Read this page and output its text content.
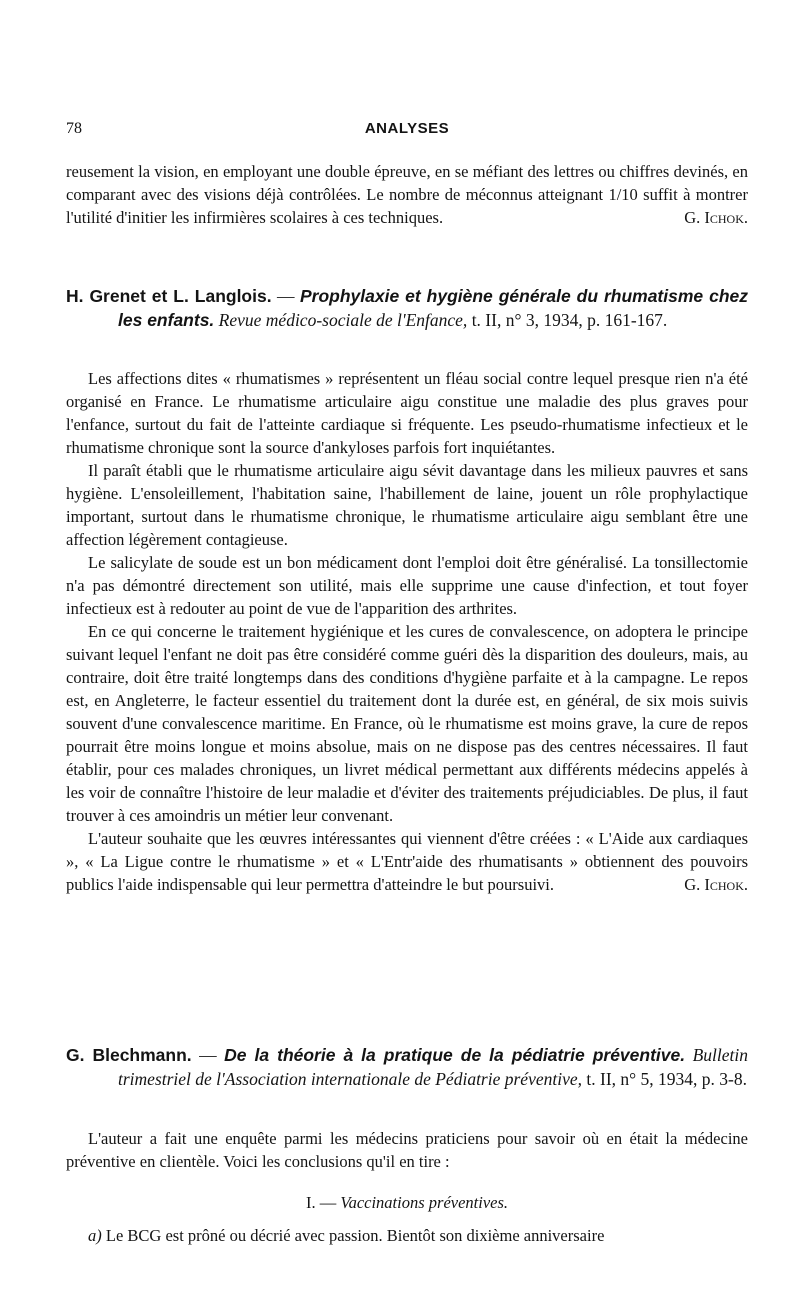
78	ANALYSES

reusement la vision, en employant une double épreuve, en se méfiant des lettres ou chiffres devinés, en comparant avec des visions déjà contrôlées. Le nombre de méconnus atteignant 1/10 suffit à montrer l'utilité d'initier les infirmières scolaires à ces techniques.	G. Ichok.

H. Grenet et L. Langlois. — Prophylaxie et hygiène générale du rhumatisme chez les enfants. Revue médico-sociale de l'Enfance, t. II, n° 3, 1934, p. 161-167.

Les affections dites « rhumatismes » représentent un fléau social contre lequel presque rien n'a été organisé en France. Le rhumatisme articulaire aigu constitue une maladie des plus graves pour l'enfance, surtout du fait de l'atteinte cardiaque si fréquente. Les pseudo-rhumatisme infectieux et le rhumatisme chronique sont la source d'ankyloses parfois fort inquiétantes.

Il paraît établi que le rhumatisme articulaire aigu sévit davantage dans les milieux pauvres et sans hygiène. L'ensoleillement, l'habitation saine, l'habillement de laine, jouent un rôle prophylactique important, surtout dans le rhumatisme chronique, le rhumatisme articulaire aigu semblant être une affection légèrement contagieuse.

Le salicylate de soude est un bon médicament dont l'emploi doit être généralisé. La tonsillectomie n'a pas démontré directement son utilité, mais elle supprime une cause d'infection, et tout foyer infectieux est à redouter au point de vue de l'apparition des arthrites.

En ce qui concerne le traitement hygiénique et les cures de convalescence, on adoptera le principe suivant lequel l'enfant ne doit pas être considéré comme guéri dès la disparition des douleurs, mais, au contraire, doit être traité longtemps dans des conditions d'hygiène parfaite et à la campagne. Le repos est, en Angleterre, le facteur essentiel du traitement dont la durée est, en général, de six mois suivis souvent d'une convalescence maritime. En France, où le rhumatisme est moins grave, la cure de repos pourrait être moins longue et moins absolue, mais on ne dispose pas des centres nécessaires. Il faut établir, pour ces malades chroniques, un livret médical permettant aux différents médecins appelés à les voir de connaître l'histoire de leur maladie et d'éviter des traitements préjudiciables. De plus, il faut trouver à ces amoindris un métier leur convenant.

L'auteur souhaite que les œuvres intéressantes qui viennent d'être créées : « L'Aide aux cardiaques », « La Ligue contre le rhumatisme » et « L'Entr'aide des rhumatisants » obtiennent des pouvoirs publics l'aide indispensable qui leur permettra d'atteindre le but poursuivi.	G. Ichok.

G. Blechmann. — De la théorie à la pratique de la pédiatrie préventive. Bulletin trimestriel de l'Association internationale de Pédiatrie préventive, t. II, n° 5, 1934, p. 3-8.

L'auteur a fait une enquête parmi les médecins praticiens pour savoir où en était la médecine préventive en clientèle. Voici les conclusions qu'il en tire :

I. — Vaccinations préventives.

a) Le BCG est prôné ou décrié avec passion. Bientôt son dixième anniversaire
